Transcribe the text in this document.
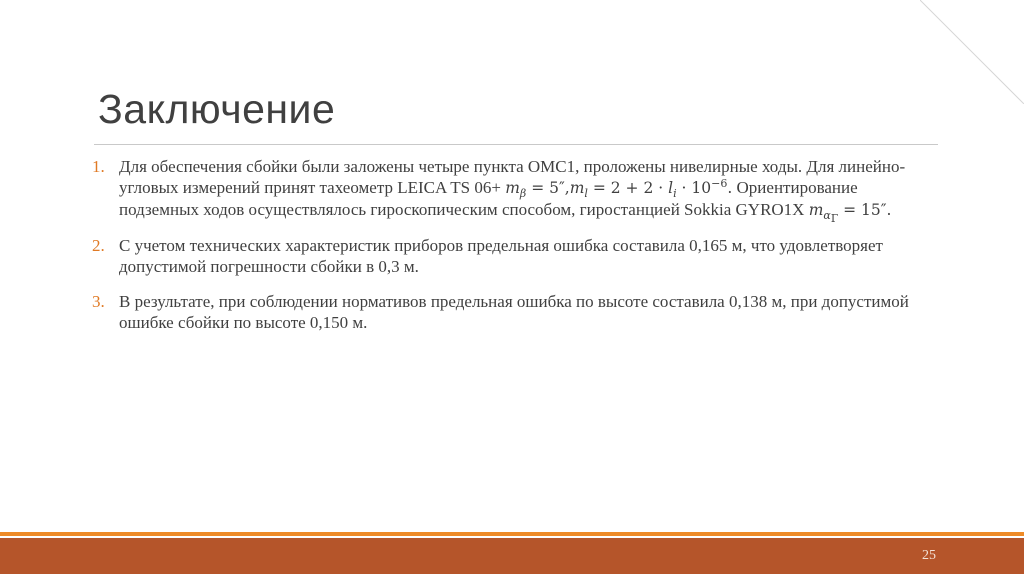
Заключение
1. Для обеспечения сбойки были заложены четыре пункта ОМС1, проложены нивелирные ходы. Для линейно-угловых измерений принят тахеометр LEICA TS $06+ m_\beta = 5'',m_l = 2 + 2 \cdot l_i \cdot 10^{-6}$. Ориентирование подземных ходов осуществлялось гироскопическим способом, гиростанцией Sokkia GYRO1X $m_{\alpha_Г} = 15''$.
2. С учетом технических характеристик приборов предельная ошибка составила 0,165 м, что удовлетворяет допустимой погрешности сбойки в 0,3 м.
3. В результате, при соблюдении нормативов предельная ошибка по высоте составила 0,138 м, при допустимой ошибке сбойки по высоте 0,150 м.
25
